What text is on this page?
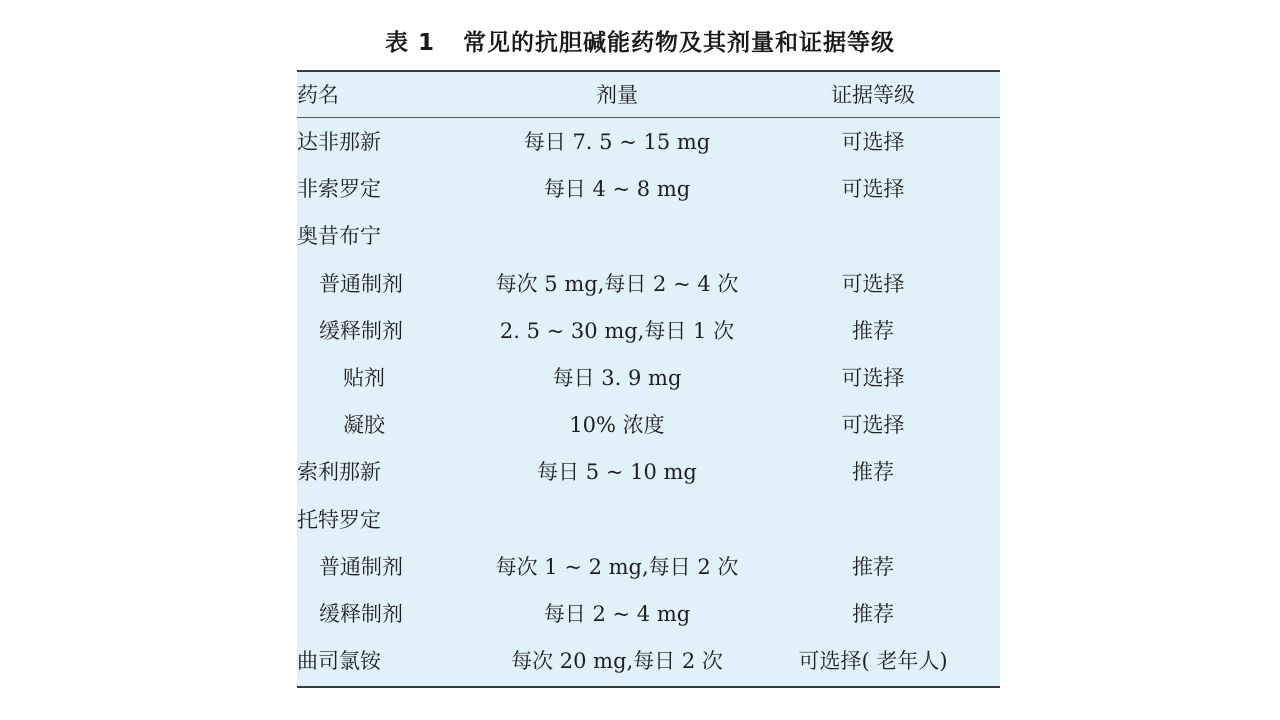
表 1 常见的抗胆碱能药物及其剂量和证据等级
药名	剂量	证据等级
达非那新	每日 7. 5 ~ 15 mg	可选择
非索罗定	每日 4 ~ 8 mg	可选择
奥昔布宁
普通制剂	每次 5 mg,每日 2 ~ 4 次	可选择
缓释制剂	2. 5 ~ 30 mg,每日 1 次	推荐
贴剂	每日 3. 9 mg	可选择
凝胶	10% 浓度	可选择
索利那新	每日 5 ~ 10 mg	推荐
托特罗定
普通制剂	每次 1 ~ 2 mg,每日 2 次	推荐
缓释制剂	每日 2 ~ 4 mg	推荐
曲司氯铵	每次 20 mg,每日 2 次	可选择( 老年人)
